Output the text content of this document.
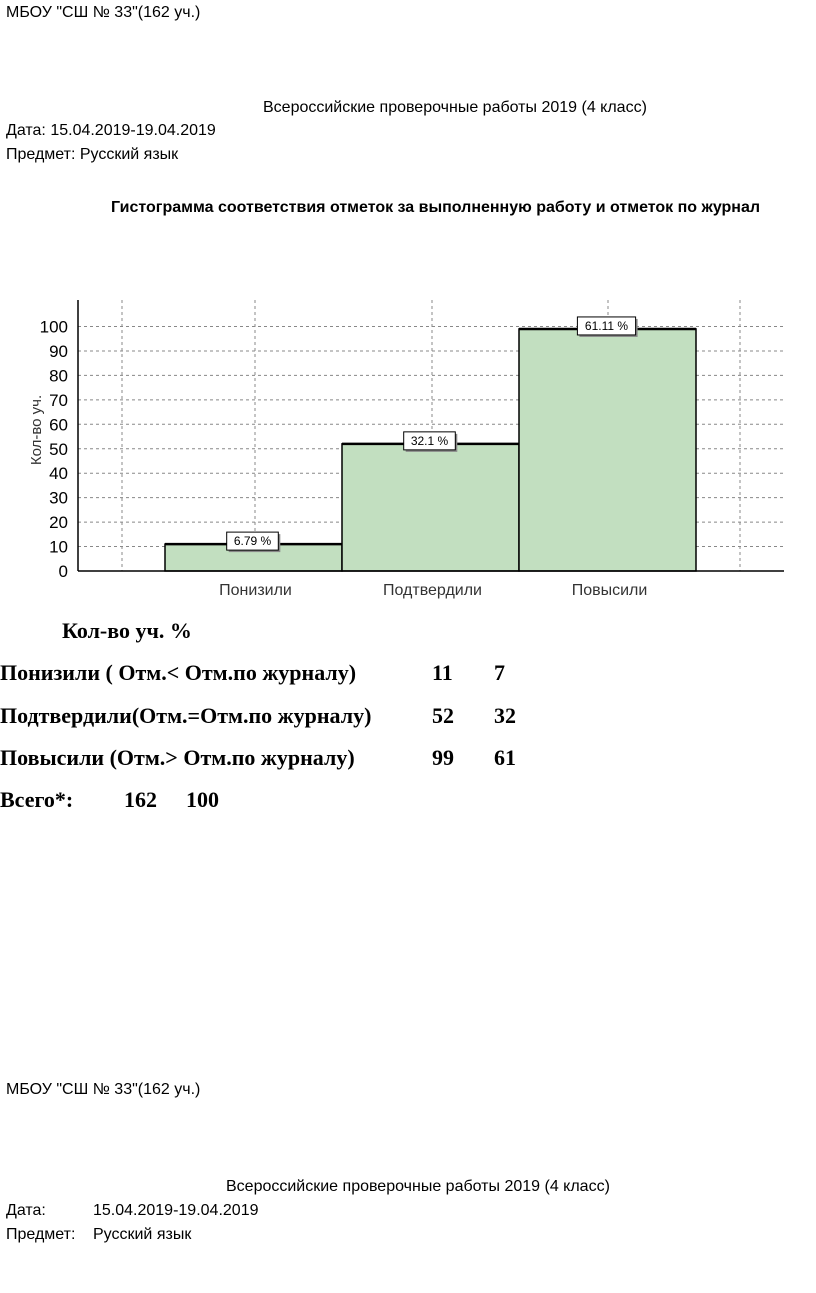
МБОУ "СШ № 33"(162 уч.)
Всероссийские проверочные работы 2019 (4 класс)
Дата: 15.04.2019-19.04.2019
Предмет: Русский язык
Гистограмма соответствия отметок за выполненную работу и отметок по журнал
0
10
20
30
40
50
60
70
80
90
100
Понизили	Подтвердили	Повысили
6.79 %
32.1 %
61.11 %
Кол-во уч.
Кол-во уч. %
Понизили ( Отм.< Отм.по журналу)	11 7
Подтвердили(Отм.=Отм.по журналу)	52 32
Повысили (Отм.> Отм.по журналу)	99 61
Всего*: 162 100
МБОУ "СШ № 33"(162 уч.)
Всероссийские проверочные работы 2019 (4 класс)
Дата:	15.04.2019-19.04.2019
Предмет: Русский язык
